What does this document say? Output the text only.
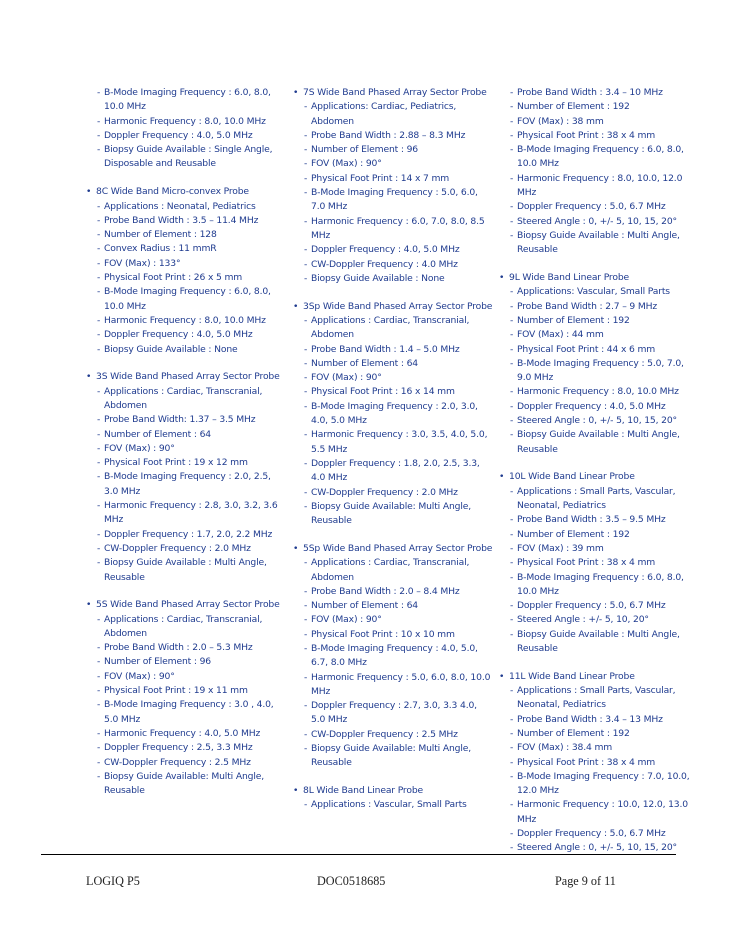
- B-Mode Imaging Frequency : 6.0, 8.0, 10.0 MHz
- Harmonic Frequency : 8.0, 10.0 MHz
- Doppler Frequency : 4.0, 5.0 MHz
- Biopsy Guide Available : Single Angle, Disposable and Reusable
• 8C Wide Band Micro-convex Probe
- Applications : Neonatal, Pediatrics
- Probe Band Width : 3.5 – 11.4 MHz
- Number of Element : 128
- Convex Radius : 11 mmR
- FOV (Max) : 133°
- Physical Foot Print : 26 x 5 mm
- B-Mode Imaging Frequency : 6.0, 8.0, 10.0 MHz
- Harmonic Frequency : 8.0, 10.0 MHz
- Doppler Frequency : 4.0, 5.0 MHz
- Biopsy Guide Available : None
• 3S Wide Band Phased Array Sector Probe
- Applications : Cardiac, Transcranial, Abdomen
- Probe Band Width: 1.37 – 3.5 MHz
- Number of Element : 64
- FOV (Max) : 90°
- Physical Foot Print : 19 x 12 mm
- B-Mode Imaging Frequency : 2.0, 2.5, 3.0 MHz
- Harmonic Frequency : 2.8, 3.0, 3.2, 3.6 MHz
- Doppler Frequency : 1.7, 2.0, 2.2 MHz
- CW-Doppler Frequency : 2.0 MHz
- Biopsy Guide Available : Multi Angle, Reusable
• 5S Wide Band Phased Array Sector Probe
- Applications : Cardiac, Transcranial, Abdomen
- Probe Band Width : 2.0 – 5.3 MHz
- Number of Element : 96
- FOV (Max) : 90°
- Physical Foot Print : 19 x 11 mm
- B-Mode Imaging Frequency : 3.0 , 4.0, 5.0 MHz
- Harmonic Frequency : 4.0, 5.0 MHz
- Doppler Frequency : 2.5, 3.3 MHz
- CW-Doppler Frequency : 2.5 MHz
- Biopsy Guide Available: Multi Angle, Reusable
• 7S Wide Band Phased Array Sector Probe
- Applications: Cardiac, Pediatrics, Abdomen
- Probe Band Width : 2.88 – 8.3 MHz
- Number of Element : 96
- FOV (Max) : 90°
- Physical Foot Print : 14 x 7 mm
- B-Mode Imaging Frequency : 5.0, 6.0, 7.0 MHz
- Harmonic Frequency : 6.0, 7.0, 8.0, 8.5 MHz
- Doppler Frequency : 4.0, 5.0 MHz
- CW-Doppler Frequency : 4.0 MHz
- Biopsy Guide Available : None
• 3Sp Wide Band Phased Array Sector Probe
- Applications : Cardiac, Transcranial, Abdomen
- Probe Band Width : 1.4 – 5.0 MHz
- Number of Element : 64
- FOV (Max) : 90°
- Physical Foot Print : 16 x 14 mm
- B-Mode Imaging Frequency : 2.0, 3.0, 4.0, 5.0 MHz
- Harmonic Frequency : 3.0, 3.5, 4.0, 5.0, 5.5 MHz
- Doppler Frequency : 1.8, 2.0, 2.5, 3.3, 4.0 MHz
- CW-Doppler Frequency : 2.0 MHz
- Biopsy Guide Available: Multi Angle, Reusable
• 5Sp Wide Band Phased Array Sector Probe
- Applications : Cardiac, Transcranial, Abdomen
- Probe Band Width : 2.0 – 8.4 MHz
- Number of Element : 64
- FOV (Max) : 90°
- Physical Foot Print : 10 x 10 mm
- B-Mode Imaging Frequency : 4.0, 5.0, 6.7, 8.0 MHz
- Harmonic Frequency : 5.0, 6.0, 8.0, 10.0 MHz
- Doppler Frequency : 2.7, 3.0, 3.3 4.0, 5.0 MHz
- CW-Doppler Frequency : 2.5 MHz
- Biopsy Guide Available: Multi Angle, Reusable
• 8L Wide Band Linear Probe
- Applications : Vascular, Small Parts
- Probe Band Width : 3.4 – 10 MHz
- Number of Element : 192
- FOV (Max) : 38 mm
- Physical Foot Print : 38 x 4 mm
- B-Mode Imaging Frequency : 6.0, 8.0, 10.0 MHz
- Harmonic Frequency : 8.0, 10.0, 12.0 MHz
- Doppler Frequency : 5.0, 6.7 MHz
- Steered Angle : 0, +/- 5, 10, 15, 20°
- Biopsy Guide Available : Multi Angle, Reusable
• 9L Wide Band Linear Probe
- Applications: Vascular, Small Parts
- Probe Band Width : 2.7 – 9 MHz
- Number of Element : 192
- FOV (Max) : 44 mm
- Physical Foot Print : 44 x 6 mm
- B-Mode Imaging Frequency : 5.0, 7.0, 9.0 MHz
- Harmonic Frequency : 8.0, 10.0 MHz
- Doppler Frequency : 4.0, 5.0 MHz
- Steered Angle : 0, +/- 5, 10, 15, 20°
- Biopsy Guide Available : Multi Angle, Reusable
• 10L Wide Band Linear Probe
- Applications : Small Parts, Vascular, Neonatal, Pediatrics
- Probe Band Width : 3.5 – 9.5 MHz
- Number of Element : 192
- FOV (Max) : 39 mm
- Physical Foot Print : 38 x 4 mm
- B-Mode Imaging Frequency : 6.0, 8.0, 10.0 MHz
- Doppler Frequency : 5.0, 6.7 MHz
- Steered Angle : +/- 5, 10, 20°
- Biopsy Guide Available : Multi Angle, Reusable
• 11L Wide Band Linear Probe
- Applications : Small Parts, Vascular, Neonatal, Pediatrics
- Probe Band Width : 3.4 – 13 MHz
- Number of Element : 192
- FOV (Max) : 38.4 mm
- Physical Foot Print : 38 x 4 mm
- B-Mode Imaging Frequency : 7.0, 10.0, 12.0 MHz
- Harmonic Frequency : 10.0, 12.0, 13.0 MHz
- Doppler Frequency : 5.0, 6.7 MHz
- Steered Angle : 0, +/- 5, 10, 15, 20°
LOGIQ P5	DOC0518685	Page 9 of 11
